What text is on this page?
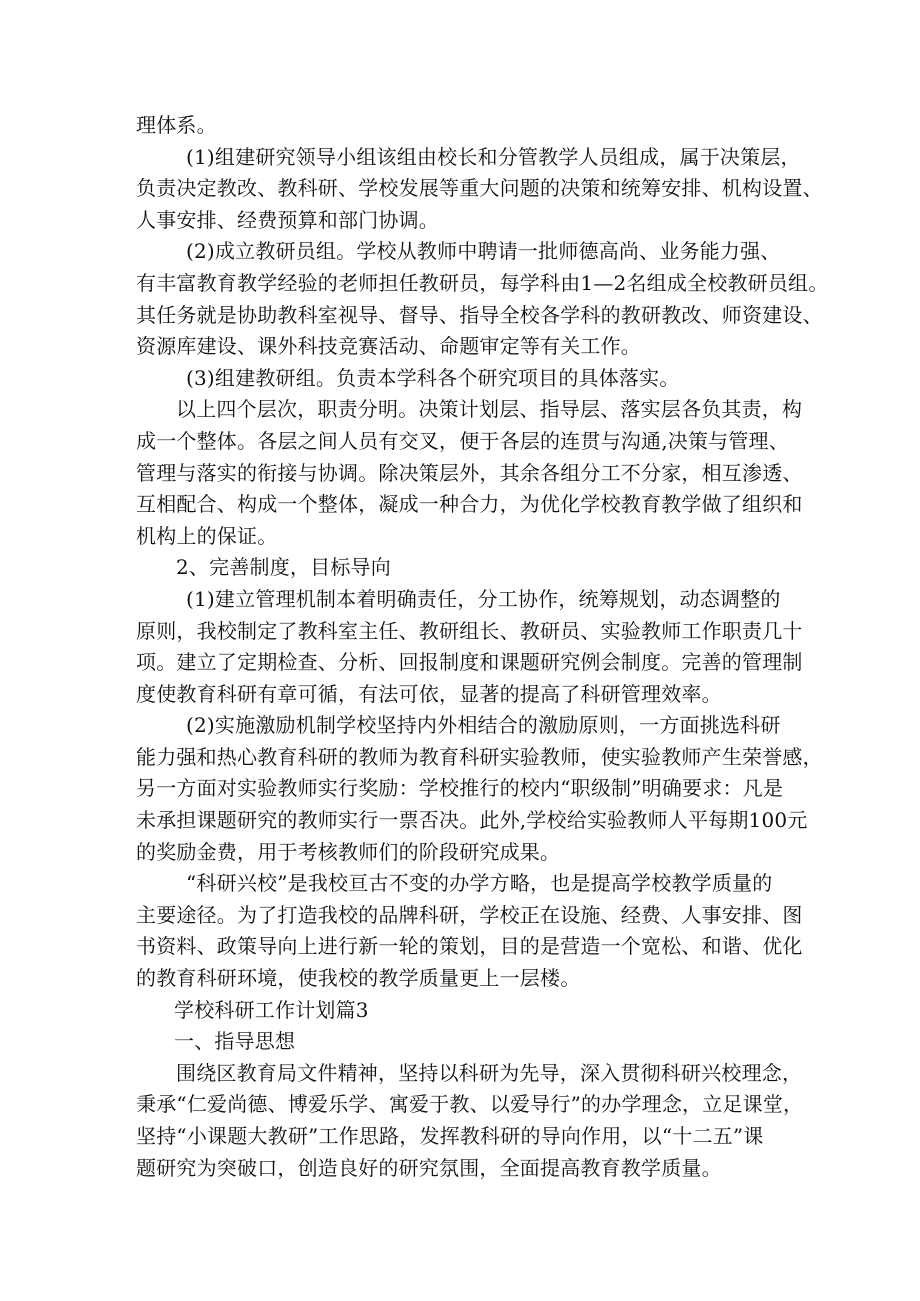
理体系。
(1)组建研究领导小组该组由校长和分管教学人员组成，属于决策层，
负责决定教改、教科研、学校发展等重大问题的决策和统筹安排、机构设置、
人事安排、经费预算和部门协调。
(2)成立教研员组。学校从教师中聘请一批师德高尚、业务能力强、
有丰富教育教学经验的老师担任教研员，每学科由1—2名组成全校教研员组。
其任务就是协助教科室视导、督导、指导全校各学科的教研教改、师资建设、
资源库建设、课外科技竞赛活动、命题审定等有关工作。
(3)组建教研组。负责本学科各个研究项目的具体落实。
以上四个层次，职责分明。决策计划层、指导层、落实层各负其责，构
成一个整体。各层之间人员有交叉，便于各层的连贯与沟通,决策与管理、
管理与落实的衔接与协调。除决策层外，其余各组分工不分家，相互渗透、
互相配合、构成一个整体，凝成一种合力，为优化学校教育教学做了组织和
机构上的保证。
2、完善制度，目标导向
(1)建立管理机制本着明确责任，分工协作，统筹规划，动态调整的
原则，我校制定了教科室主任、教研组长、教研员、实验教师工作职责几十
项。建立了定期检查、分析、回报制度和课题研究例会制度。完善的管理制
度使教育科研有章可循，有法可依，显著的提高了科研管理效率。
(2)实施激励机制学校坚持内外相结合的激励原则，一方面挑选科研
能力强和热心教育科研的教师为教育科研实验教师，使实验教师产生荣誉感，
另一方面对实验教师实行奖励：学校推行的校内“职级制”明确要求：凡是
未承担课题研究的教师实行一票否决。此外,学校给实验教师人平每期100元
的奖励金费，用于考核教师们的阶段研究成果。
“科研兴校”是我校亘古不变的办学方略，也是提高学校教学质量的
主要途径。为了打造我校的品牌科研，学校正在设施、经费、人事安排、图
书资料、政策导向上进行新一轮的策划，目的是营造一个宽松、和谐、优化
的教育科研环境，使我校的教学质量更上一层楼。
学校科研工作计划篇3
一、指导思想
围绕区教育局文件精神，坚持以科研为先导，深入贯彻科研兴校理念，
秉承“仁爱尚德、博爱乐学、寓爱于教、以爱导行”的办学理念，立足课堂，
坚持“小课题大教研”工作思路，发挥教科研的导向作用，以“十二五”课
题研究为突破口，创造良好的研究氛围，全面提高教育教学质量。
